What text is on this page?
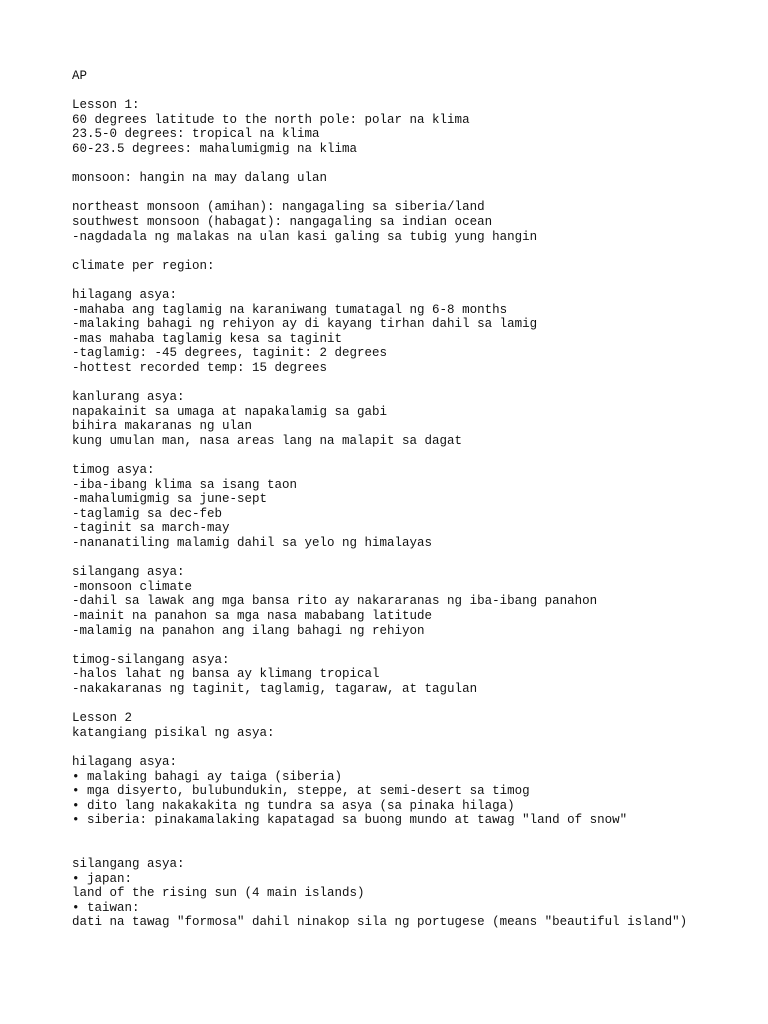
AP
Lesson 1:
60 degrees latitude to the north pole: polar na klima
23.5-0 degrees: tropical na klima
60-23.5 degrees: mahalumigmig na klima
monsoon: hangin na may dalang ulan
northeast monsoon (amihan): nangagaling sa siberia/land
southwest monsoon (habagat): nangagaling sa indian ocean
-nagdadala ng malakas na ulan kasi galing sa tubig yung hangin
climate per region:
hilagang asya:
-mahaba ang taglamig na karaniwang tumatagal ng 6-8 months
-malaking bahagi ng rehiyon ay di kayang tirhan dahil sa lamig
-mas mahaba taglamig kesa sa taginit
-taglamig: -45 degrees, taginit: 2 degrees
-hottest recorded temp: 15 degrees
kanlurang asya:
napakainit sa umaga at napakalamig sa gabi
bihira makaranas ng ulan
kung umulan man, nasa areas lang na malapit sa dagat
timog asya:
-iba-ibang klima sa isang taon
-mahalumigmig sa june-sept
-taglamig sa dec-feb
-taginit sa march-may
-nananatiling malamig dahil sa yelo ng himalayas
silangang asya:
-monsoon climate
-dahil sa lawak ang mga bansa rito ay nakararanas ng iba-ibang panahon
-mainit na panahon sa mga nasa mababang latitude
-malamig na panahon ang ilang bahagi ng rehiyon
timog-silangang asya:
-halos lahat ng bansa ay klimang tropical
-nakakaranas ng taginit, taglamig, tagaraw, at tagulan
Lesson 2
katangiang pisikal ng asya:
hilagang asya:
• malaking bahagi ay taiga (siberia)
• mga disyerto, bulubundukin, steppe, at semi-desert sa timog
• dito lang nakakakita ng tundra sa asya (sa pinaka hilaga)
• siberia: pinakamalaking kapatagad sa buong mundo at tawag "land of snow"
silangang asya:
• japan:
land of the rising sun (4 main islands)
• taiwan:
dati na tawag "formosa" dahil ninakop sila ng portugese (means "beautiful island")
